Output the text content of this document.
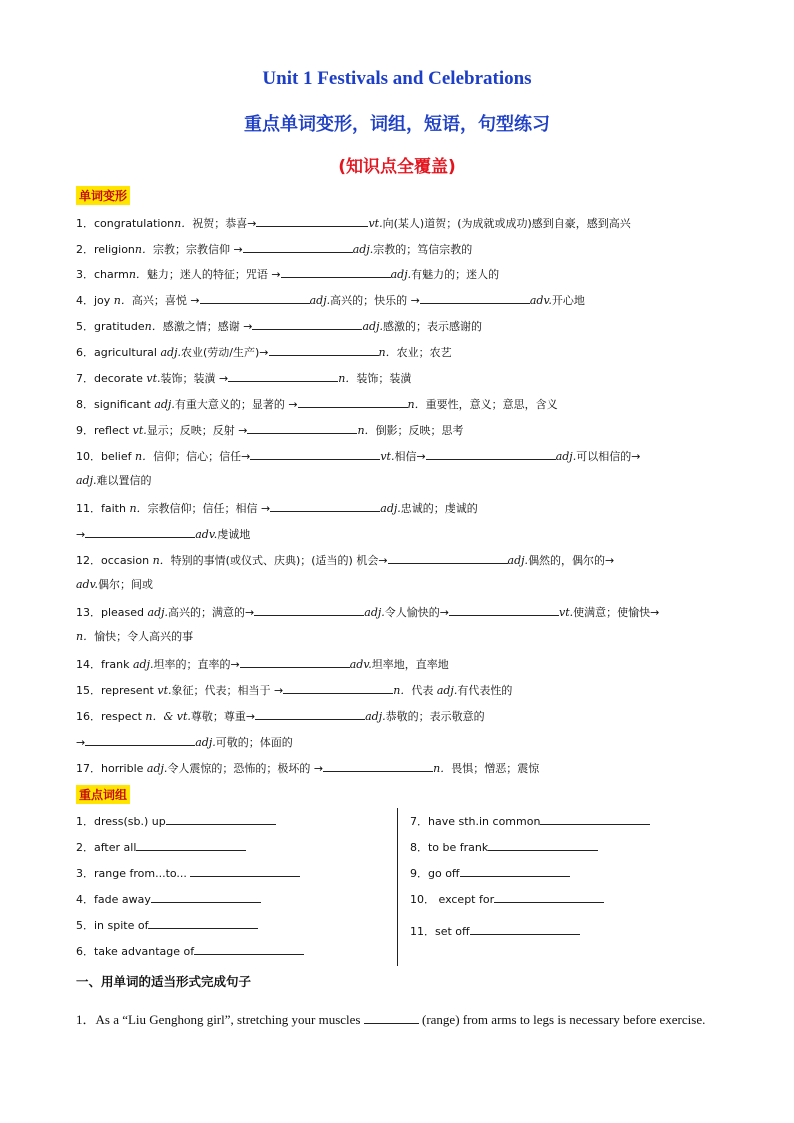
Unit 1 Festivals and Celebrations
重点单词变形，词组，短语，句型练习
(知识点全覆盖)
单词变形
1．congratulationn．祝贺；恭喜→	vt.向(某人)道贺；(为成就或成功)感到自豪，感到高兴
2．religionn．宗教；宗教信仰 →	adj.宗教的；笃信宗教的
3．charmn．魅力；迷人的特征；咒语 →	adj.有魅力的；迷人的
4．joy n．高兴；喜悦 →	adj.高兴的；快乐的 →	adv.开心地
5．gratituden．感激之情；感谢 →	adj.感激的；表示感谢的
6．agricultural adj.农业(劳动/生产)→	n．农业；农艺
7．decorate vt.装饰；装潢 →	n．装饰；装潢
8．significant adj.有重大意义的；显著的 →	n．重要性，意义；意思，含义
9．reflect vt.显示；反映；反射 →	n．倒影；反映；思考
10．belief n．信仰；信心；信任→	vt.相信→	adj.可以相信的→
adj.难以置信的
11．faith n．宗教信仰；信任；相信 →	adj.忠诚的；虔诚的
→	adv.虔诚地
12．occasion n．特别的事情(或仪式、庆典)；(适当的) 机会→	adj.偶然的，偶尔的→
adv.偶尔；间或
13．pleased adj.高兴的；满意的→	adj.令人愉快的→	vt.使满意；使愉快→
n．愉快；令人高兴的事
14．frank adj.坦率的；直率的→	adv.坦率地，直率地
15．represent vt.象征；代表；相当于 →	n．代表 adj.有代表性的
16．respect n．& vt.尊敬；尊重→	adj.恭敬的；表示敬意的
→	adj.可敬的；体面的
17．horrible adj.令人震惊的；恐怖的；极坏的 →	n．畏惧；憎恶；震惊
重点词组
1．dress(sb.) up
2．after all
3．range from...to...
4．fade away
5．in spite of
6．take advantage of
7．have sth.in common
8．to be frank
9．go off
10． except for
11．set off
一、用单词的适当形式完成句子
1．As a “Liu Genghong girl”, stretching your muscles	(range) from arms to legs is necessary before exercise.
